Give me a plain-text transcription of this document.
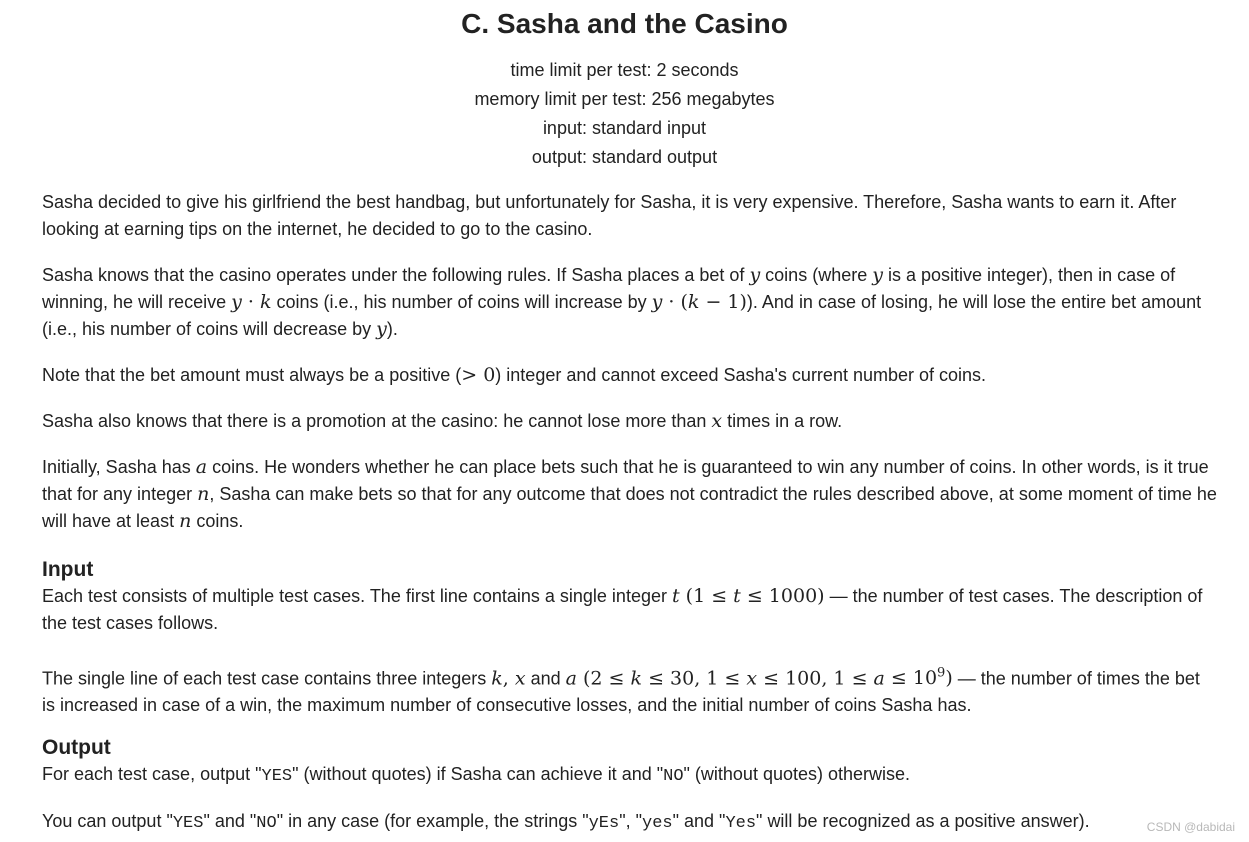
C. Sasha and the Casino
time limit per test: 2 seconds
memory limit per test: 256 megabytes
input: standard input
output: standard output

Sasha decided to give his girlfriend the best handbag, but unfortunately for Sasha, it is very expensive. Therefore, Sasha wants to earn it. After looking at earning tips on the internet, he decided to go to the casino.

Sasha knows that the casino operates under the following rules. If Sasha places a bet of y coins (where y is a positive integer), then in case of winning, he will receive y · k coins (i.e., his number of coins will increase by y · (k − 1)). And in case of losing, he will lose the entire bet amount (i.e., his number of coins will decrease by y).

Note that the bet amount must always be a positive (> 0) integer and cannot exceed Sasha's current number of coins.

Sasha also knows that there is a promotion at the casino: he cannot lose more than x times in a row.

Initially, Sasha has a coins. He wonders whether he can place bets such that he is guaranteed to win any number of coins. In other words, is it true that for any integer n, Sasha can make bets so that for any outcome that does not contradict the rules described above, at some moment of time he will have at least n coins.

Input

Each test consists of multiple test cases. The first line contains a single integer t (1 ≤ t ≤ 1000) — the number of test cases. The description of the test cases follows.

The single line of each test case contains three integers k, x and a (2 ≤ k ≤ 30, 1 ≤ x ≤ 100, $1 \le a \le 10^9$) — the number of times the bet is increased in case of a win, the maximum number of consecutive losses, and the initial number of coins Sasha has.

Output

For each test case, output "YES" (without quotes) if Sasha can achieve it and "NO" (without quotes) otherwise.

You can output "YES" and "NO" in any case (for example, the strings "yEs", "yes" and "Yes" will be recognized as a positive answer).	CSDN @dabidai
